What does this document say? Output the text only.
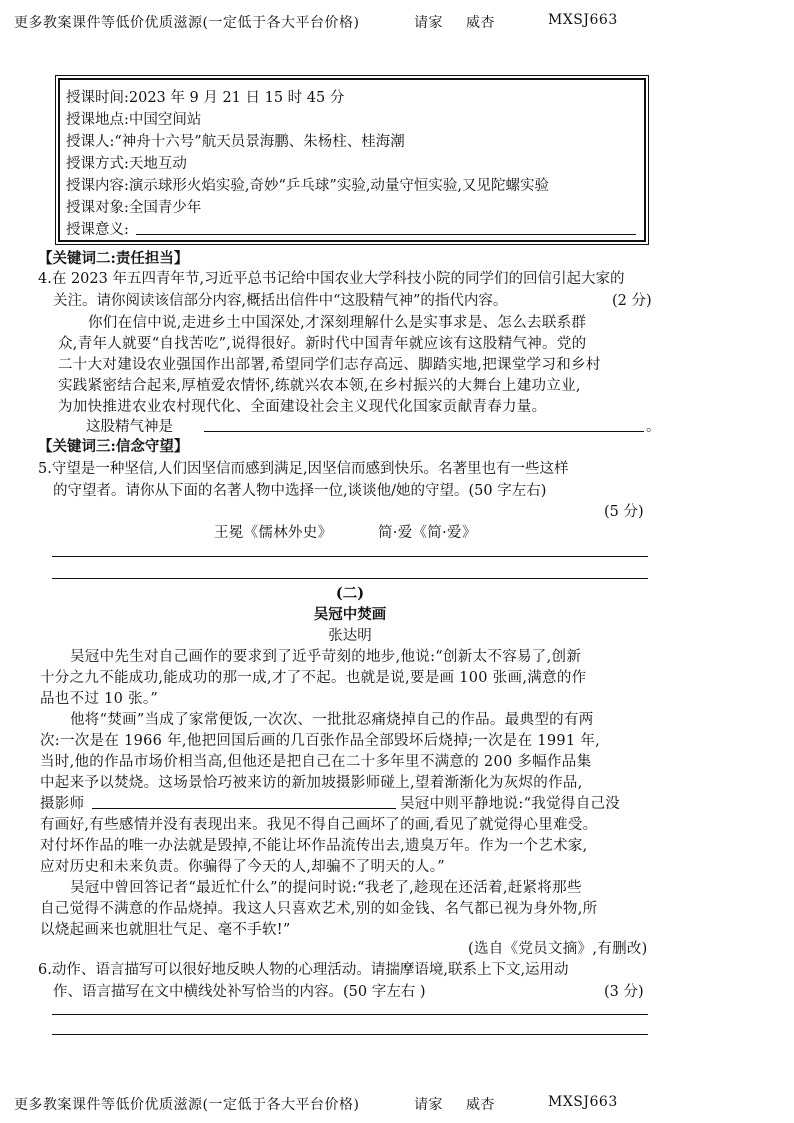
更多教案课件等低价优质滋源(一定低于各大平台价格)	请家 威杏	MXSJ663
授课时间:2023 年 9 月 21 日 15 时 45 分
授课地点:中国空间站
授课人:“神舟十六号”航天员景海鹏、朱杨柱、桂海潮
授课方式:天地互动
授课内容:演示球形火焰实验,奇妙“乒乓球”实验,动量守恒实验,又见陀螺实验
授课对象:全国青少年
授课意义:
【关键词二:责任担当】
4.在 2023 年五四青年节,习近平总书记给中国农业大学科技小院的同学们的回信引起大家的
关注。请你阅读该信部分内容,概括出信件中“这股精气神”的指代内容。	(2 分)
你们在信中说,走进乡土中国深处,才深刻理解什么是实事求是、怎么去联系群
众,青年人就要“自找苦吃”,说得很好。新时代中国青年就应该有这股精气神。党的
二十大对建设农业强国作出部署,希望同学们志存高远、脚踏实地,把课堂学习和乡村
实践紧密结合起来,厚植爱农情怀,练就兴农本领,在乡村振兴的大舞台上建功立业,
为加快推进农业农村现代化、全面建设社会主义现代化国家贡献青春力量。
这股精气神是	。
【关键词三:信念守望】
5.守望是一种坚信,人们因坚信而感到满足,因坚信而感到快乐。名著里也有一些这样
的守望者。请你从下面的名著人物中选择一位,谈谈他/她的守望。(50 字左右)
(5 分)
王冕《儒林外史》	简·爱《简·爱》
(二)
吴冠中焚画
张达明
吴冠中先生对自己画作的要求到了近乎苛刻的地步,他说:“创新太不容易了,创新
十分之九不能成功,能成功的那一成,才了不起。也就是说,要是画 100 张画,满意的作
品也不过 10 张。”
他将“焚画”当成了家常便饭,一次次、一批批忍痛烧掉自己的作品。最典型的有两
次:一次是在 1966 年,他把回国后画的几百张作品全部毁坏后烧掉;一次是在 1991 年,
当时,他的作品市场价相当高,但他还是把自己在二十多年里不满意的 200 多幅作品集
中起来予以焚烧。这场景恰巧被来访的新加坡摄影师碰上,望着渐渐化为灰烬的作品,
摄影师	吴冠中则平静地说:“我觉得自己没
有画好,有些感情并没有表现出来。我见不得自己画坏了的画,看见了就觉得心里难受。
对付坏作品的唯一办法就是毁掉,不能让坏作品流传出去,遗臭万年。作为一个艺术家,
应对历史和未来负责。你骗得了今天的人,却骗不了明天的人。”
吴冠中曾回答记者“最近忙什么”的提问时说:“我老了,趁现在还活着,赶紧将那些
自己觉得不满意的作品烧掉。我这人只喜欢艺术,别的如金钱、名气都已视为身外物,所
以烧起画来也就胆壮气足、毫不手软!”
(选自《党员文摘》,有删改)
6.动作、语言描写可以很好地反映人物的心理活动。请揣摩语境,联系上下文,运用动
作、语言描写在文中横线处补写恰当的内容。(50 字左右 )	(3 分)
更多教案课件等低价优质滋源(一定低于各大平台价格)	请家 威杏	MXSJ663
